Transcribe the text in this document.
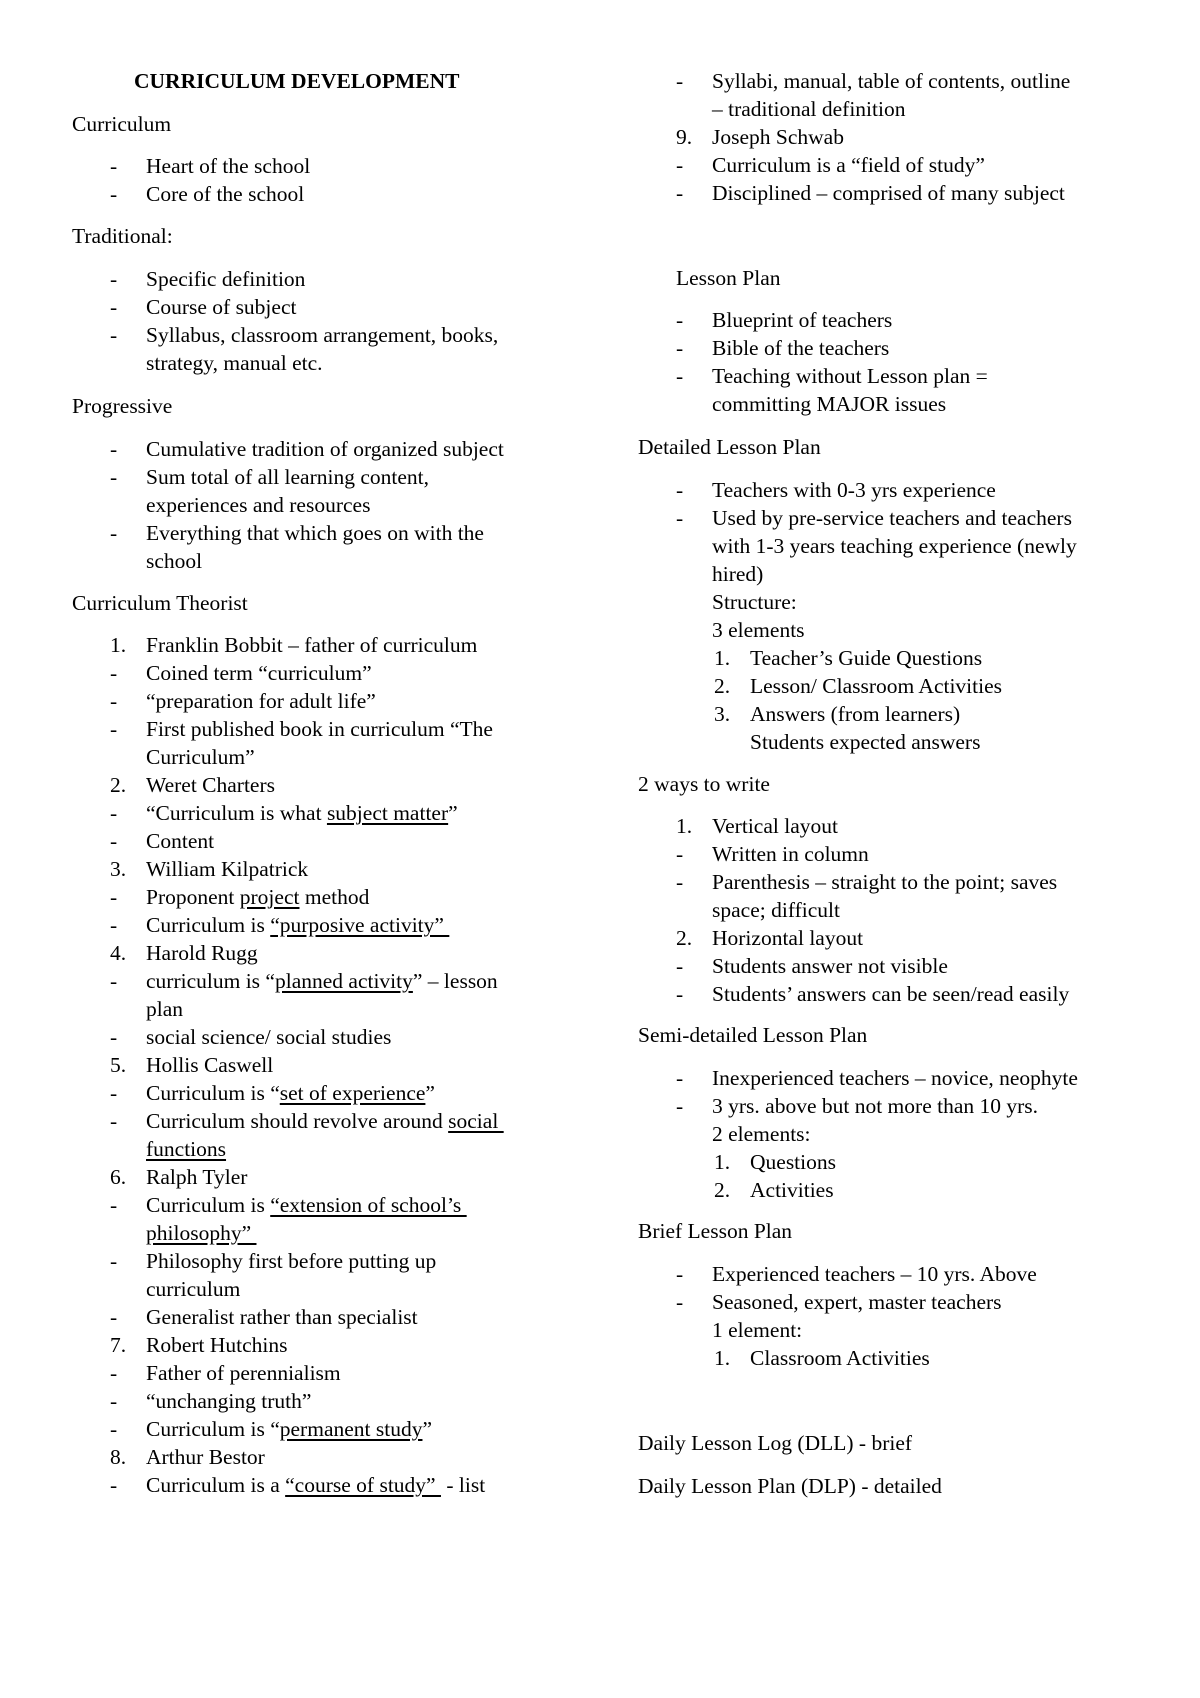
CURRICULUM DEVELOPMENT
Curriculum
-	Heart of the school
-	Core of the school
Traditional:
-	Specific definition
-	Course of subject
-	Syllabus, classroom arrangement, books,
strategy, manual etc.
Progressive
-	Cumulative tradition of organized subject
-	Sum total of all learning content,
experiences and resources
-	Everything that which goes on with the
school
Curriculum Theorist
1. Franklin Bobbit – father of curriculum
-	Coined term “curriculum”
-	“preparation for adult life”
-	First published book in curriculum “The
Curriculum”
2. Weret Charters
-	“Curriculum is what subject matter”
-	Content
3. William Kilpatrick
-	Proponent project method
-	Curriculum is “purposive activity”
4. Harold Rugg
-	curriculum is “planned activity” – lesson
plan
-	social science/ social studies
5. Hollis Caswell
-	Curriculum is “set of experience”
-	Curriculum should revolve around social
functions
6. Ralph Tyler
-	Curriculum is “extension of school’s
philosophy”
-	Philosophy first before putting up
curriculum
-	Generalist rather than specialist
7. Robert Hutchins
-	Father of perennialism
-	“unchanging truth”
-	Curriculum is “permanent study”
8. Arthur Bestor
-	Curriculum is a “course of study”  - list
-	Syllabi, manual, table of contents, outline
– traditional definition
9. Joseph Schwab
-	Curriculum is a “field of study”
-	Disciplined – comprised of many subject
Lesson Plan
-	Blueprint of teachers
-	Bible of the teachers
-	Teaching without Lesson plan =
committing MAJOR issues
Detailed Lesson Plan
-	Teachers with 0-3 yrs experience
-	Used by pre-service teachers and teachers
with 1-3 years teaching experience (newly
hired)
Structure:
3 elements
1. Teacher’s Guide Questions
2. Lesson/ Classroom Activities
3. Answers (from learners)
Students expected answers
2 ways to write
1. Vertical layout
-	Written in column
-	Parenthesis – straight to the point; saves
space; difficult
2. Horizontal layout
-	Students answer not visible
-	Students’ answers can be seen/read easily
Semi-detailed Lesson Plan
-	Inexperienced teachers – novice, neophyte
-	3 yrs. above but not more than 10 yrs.
2 elements:
1. Questions
2. Activities
Brief Lesson Plan
-	Experienced teachers – 10 yrs. Above
-	Seasoned, expert, master teachers
1 element:
1. Classroom Activities
Daily Lesson Log (DLL) - brief
Daily Lesson Plan (DLP) - detailed
